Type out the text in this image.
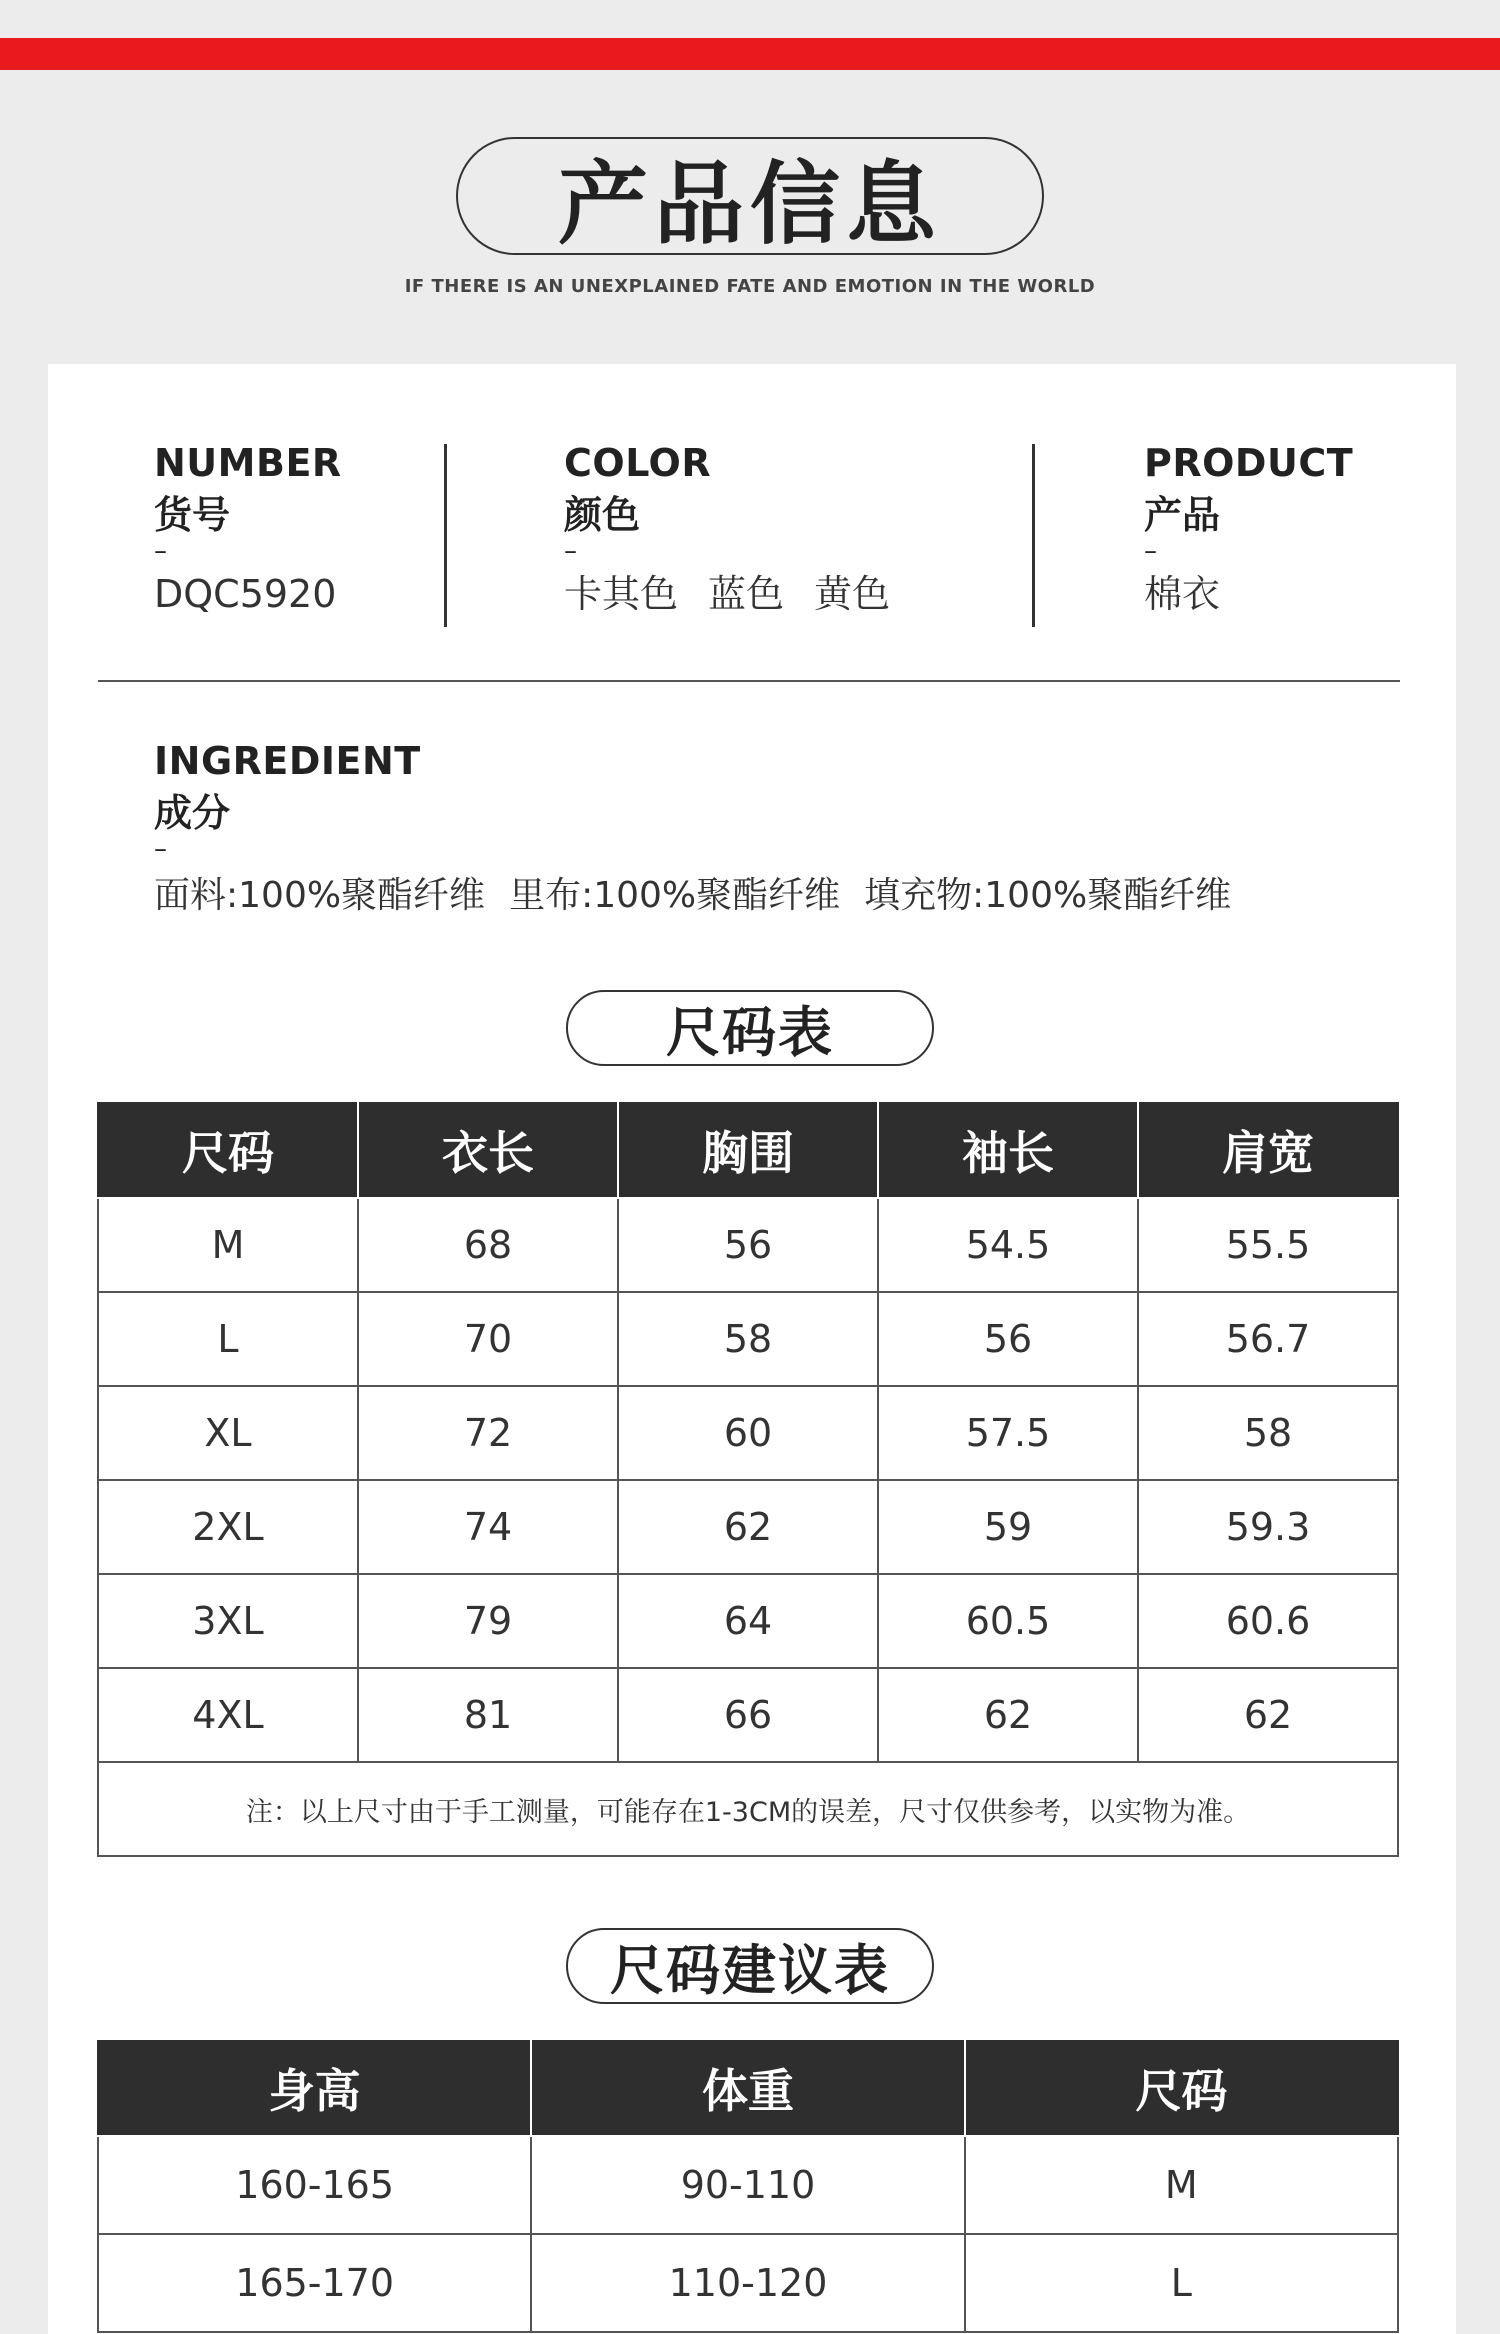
产品信息
IF THERE IS AN UNEXPLAINED FATE AND EMOTION IN THE WORLD
NUMBER
货号
–
DQC5920
COLOR
颜色
–
卡其色 蓝色 黄色
PRODUCT
产品
–
棉衣
INGREDIENT
成分
–
面料:100%聚酯纤维 里布:100%聚酯纤维 填充物:100%聚酯纤维
尺码	衣长	胸围	袖长	肩宽
M	68	56	54.5	55.5
L	70	58	56	56.7
XL	72	60	57.5	58
2XL	74	62	59	59.3
3XL	79	64	60.5	60.6
4XL	81	66	62	62
注：以上尺寸由于手工测量，可能存在1-3CM的误差，尺寸仅供参考，以实物为准。				
身高	体重	尺码
160-165	90-110	M
165-170	110-120	L
尺码表
尺码建议表
